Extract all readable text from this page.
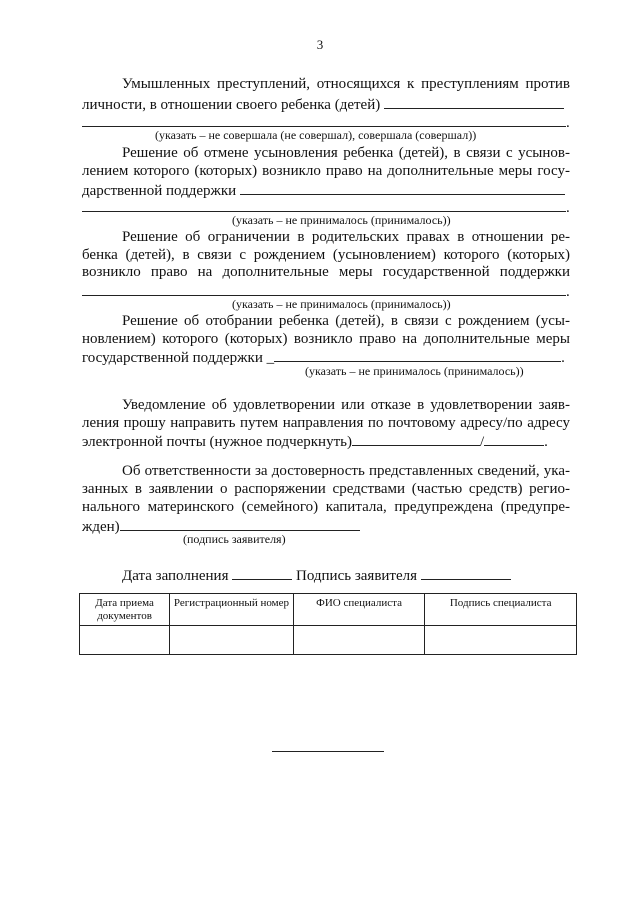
3
Умышленных преступлений, относящихся к преступлениям против
личности, в отношении своего ребенка (детей)
.
(указать – не совершала (не совершал), совершала (совершал))
Решение об отмене усыновления ребенка (детей), в связи с усынов-
лением которого (которых) возникло право на дополнительные меры госу-
дарственной поддержки
.
(указать – не принималось (принималось))
Решение об ограничении в родительских правах в отношении ре-
бенка (детей), в связи с рождением (усыновлением) которого (которых)
возникло право на дополнительные меры государственной поддержки
.
(указать – не принималось (принималось))
Решение об отобрании ребенка (детей), в связи с рождением (усы-
новлением) которого (которых) возникло право на дополнительные меры
государственной поддержки _	.
(указать – не принималось (принималось))
Уведомление об удовлетворении или отказе в удовлетворении заяв-
ления прошу направить путем направления по почтовому адресу/по адресу
электронной почты (нужное подчеркнуть)	/	.
Об ответственности за достоверность представленных сведений, ука-
занных в заявлении о распоряжении средствами (частью средств) регио-
нального материнского (семейного) капитала, предупреждена (предупре-
жден)
(подпись заявителя)
Дата заполнения	Подпись заявителя
Дата приема документов	Регистрационный номер	ФИО специалиста	Подпись специалиста
